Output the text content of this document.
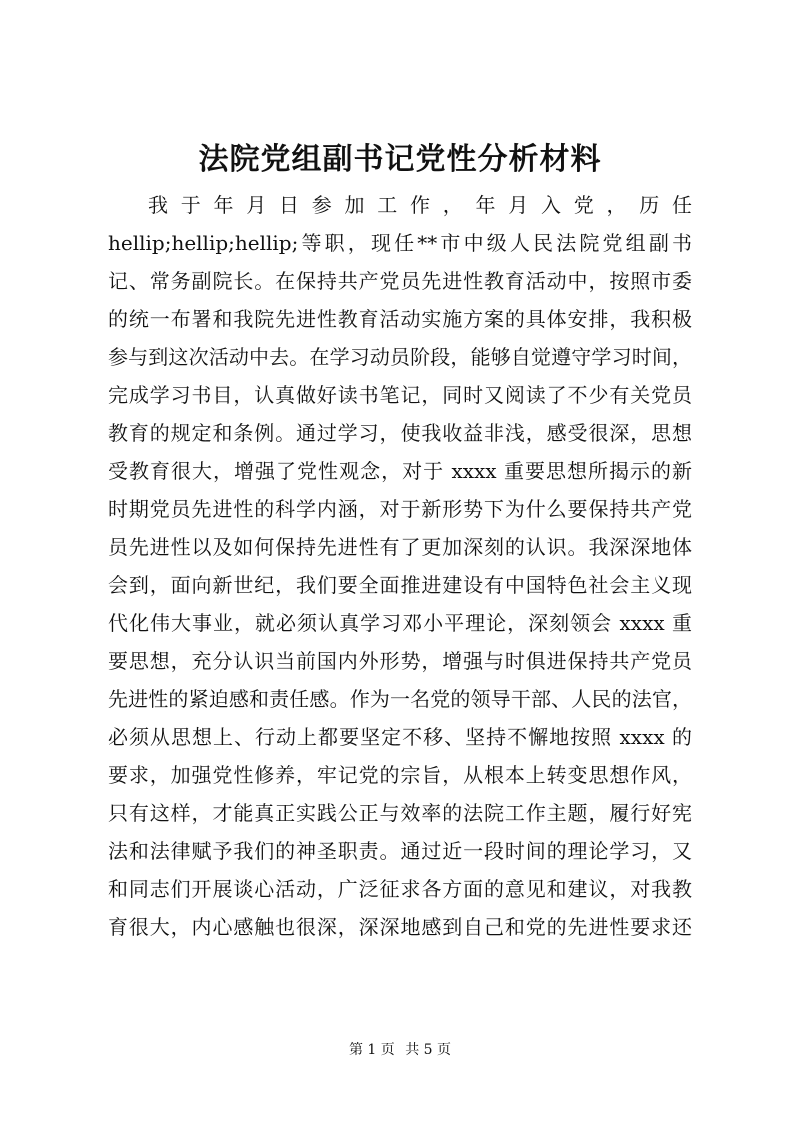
法院党组副书记党性分析材料
我于年月日参加工作，年月入党，历任
hellip;hellip;hellip;等职，现任**市中级人民法院党组副书
记、常务副院长。在保持共产党员先进性教育活动中，按照市委
的统一布署和我院先进性教育活动实施方案的具体安排，我积极
参与到这次活动中去。在学习动员阶段，能够自觉遵守学习时间，
完成学习书目，认真做好读书笔记，同时又阅读了不少有关党员
教育的规定和条例。通过学习，使我收益非浅，感受很深，思想
受教育很大，增强了党性观念，对于 xxxx 重要思想所揭示的新
时期党员先进性的科学内涵，对于新形势下为什么要保持共产党
员先进性以及如何保持先进性有了更加深刻的认识。我深深地体
会到，面向新世纪，我们要全面推进建设有中国特色社会主义现
代化伟大事业，就必须认真学习邓小平理论，深刻领会 xxxx 重
要思想，充分认识当前国内外形势，增强与时俱进保持共产党员
先进性的紧迫感和责任感。作为一名党的领导干部、人民的法官，
必须从思想上、行动上都要坚定不移、坚持不懈地按照 xxxx 的
要求，加强党性修养，牢记党的宗旨，从根本上转变思想作风，
只有这样，才能真正实践公正与效率的法院工作主题，履行好宪
法和法律赋予我们的神圣职责。通过近一段时间的理论学习，又
和同志们开展谈心活动，广泛征求各方面的意见和建议，对我教
育很大，内心感触也很深，深深地感到自己和党的先进性要求还
第 1 页 共 5 页
